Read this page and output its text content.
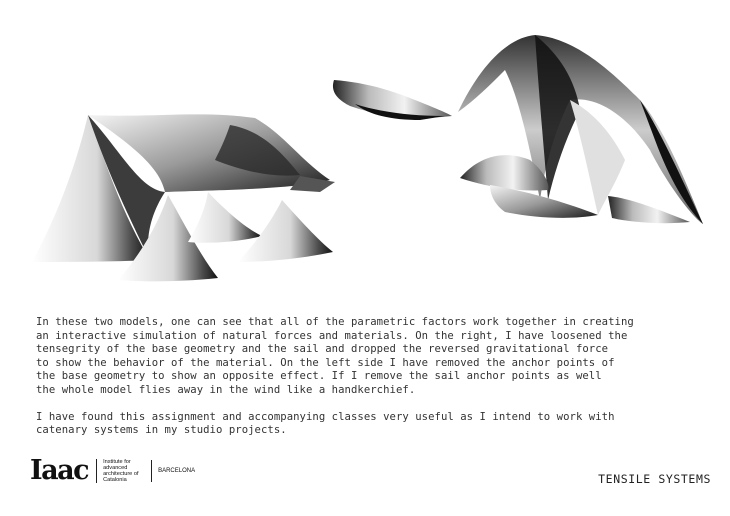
In these two models, one can see that all of the parametric factors work together in creating
an interactive simulation of natural forces and materials. On the right, I have loosened the
tensegrity of the base geometry and the sail and dropped the reversed gravitational force
to show the behavior of the material. On the left side I have removed the anchor points of
the base geometry to show an opposite effect. If I remove the sail anchor points as well
the whole model flies away in the wind like a handkerchief.

I have found this assignment and accompanying classes very useful as I intend to work with
catenary systems in my studio projects.

Iaac	Institute for advanced architecture of Catalonia
BARCELONA
TENSILE SYSTEMS
